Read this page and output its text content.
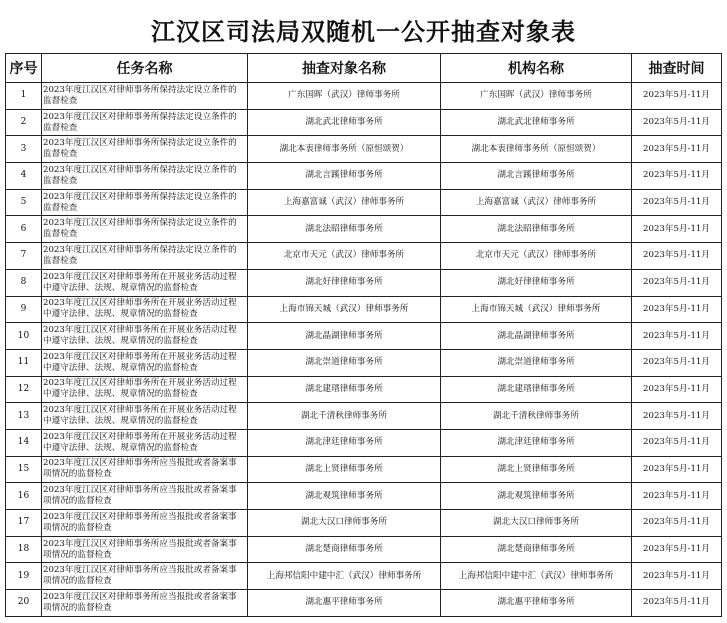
江汉区司法局双随机一公开抽查对象表
序号	任务名称	抽查对象名称	机构名称	抽查时间
1	2023年度江汉区对律师事务所保持法定设立条件的监督检查	广东国晖（武汉）律师事务所	广东国晖（武汉）律师事务所	2023年5月-11月
2	2023年度江汉区对律师事务所保持法定设立条件的监督检查	湖北武北律师事务所	湖北武北律师事务所	2023年5月-11月
3	2023年度江汉区对律师事务所保持法定设立条件的监督检查	湖北本衷律师事务所（原恒颂贺）	湖北本衷律师事务所（原恒颂贺）	2023年5月-11月
4	2023年度江汉区对律师事务所保持法定设立条件的监督检查	湖北言蹊律师事务所	湖北言蹊律师事务所	2023年5月-11月
5	2023年度江汉区对律师事务所保持法定设立条件的监督检查	上海嘉富诚（武汉）律师事务所	上海嘉富诚（武汉）律师事务所	2023年5月-11月
6	2023年度江汉区对律师事务所保持法定设立条件的监督检查	湖北法昭律师事务所	湖北法昭律师事务所	2023年5月-11月
7	2023年度江汉区对律师事务所保持法定设立条件的监督检查	北京市天元（武汉）律师事务所	北京市天元（武汉）律师事务所	2023年5月-11月
8	2023年度江汉区对律师事务所在开展业务活动过程中遵守法律、法规、规章情况的监督检查	湖北好律律师事务所	湖北好律律师事务所	2023年5月-11月
9	2023年度江汉区对律师事务所在开展业务活动过程中遵守法律、法规、规章情况的监督检查	上海市锦天城（武汉）律师事务所	上海市锦天城（武汉）律师事务所	2023年5月-11月
10	2023年度江汉区对律师事务所在开展业务活动过程中遵守法律、法规、规章情况的监督检查	湖北晶湖律师事务所	湖北晶湖律师事务所	2023年5月-11月
11	2023年度江汉区对律师事务所在开展业务活动过程中遵守法律、法规、规章情况的监督检查	湖北崇道律师事务所	湖北崇道律师事务所	2023年5月-11月
12	2023年度江汉区对律师事务所在开展业务活动过程中遵守法律、法规、规章情况的监督检查	湖北建瑨律师事务所	湖北建瑨律师事务所	2023年5月-11月
13	2023年度江汉区对律师事务所在开展业务活动过程中遵守法律、法规、规章情况的监督检查	湖北千清秋律师事务所	湖北千清秋律师事务所	2023年5月-11月
14	2023年度江汉区对律师事务所在开展业务活动过程中遵守法律、法规、规章情况的监督检查	湖北津廷律师事务所	湖北津廷律师事务所	2023年5月-11月
15	2023年度江汉区对律师事务所应当报批或者备案事项情况的监督检查	湖北上贤律师事务所	湖北上贤律师事务所	2023年5月-11月
16	2023年度江汉区对律师事务所应当报批或者备案事项情况的监督检查	湖北观筑律师事务所	湖北观筑律师事务所	2023年5月-11月
17	2023年度江汉区对律师事务所应当报批或者备案事项情况的监督检查	湖北大汉口律师事务所	湖北大汉口律师事务所	2023年5月-11月
18	2023年度江汉区对律师事务所应当报批或者备案事项情况的监督检查	湖北楚商律师事务所	湖北楚商律师事务所	2023年5月-11月
19	2023年度江汉区对律师事务所应当报批或者备案事项情况的监督检查	上海邦信阳中建中汇（武汉）律师事务所	上海邦信阳中建中汇（武汉）律师事务所	2023年5月-11月
20	2023年度江汉区对律师事务所应当报批或者备案事项情况的监督检查	湖北惠平律师事务所	湖北惠平律师事务所	2023年5月-11月
